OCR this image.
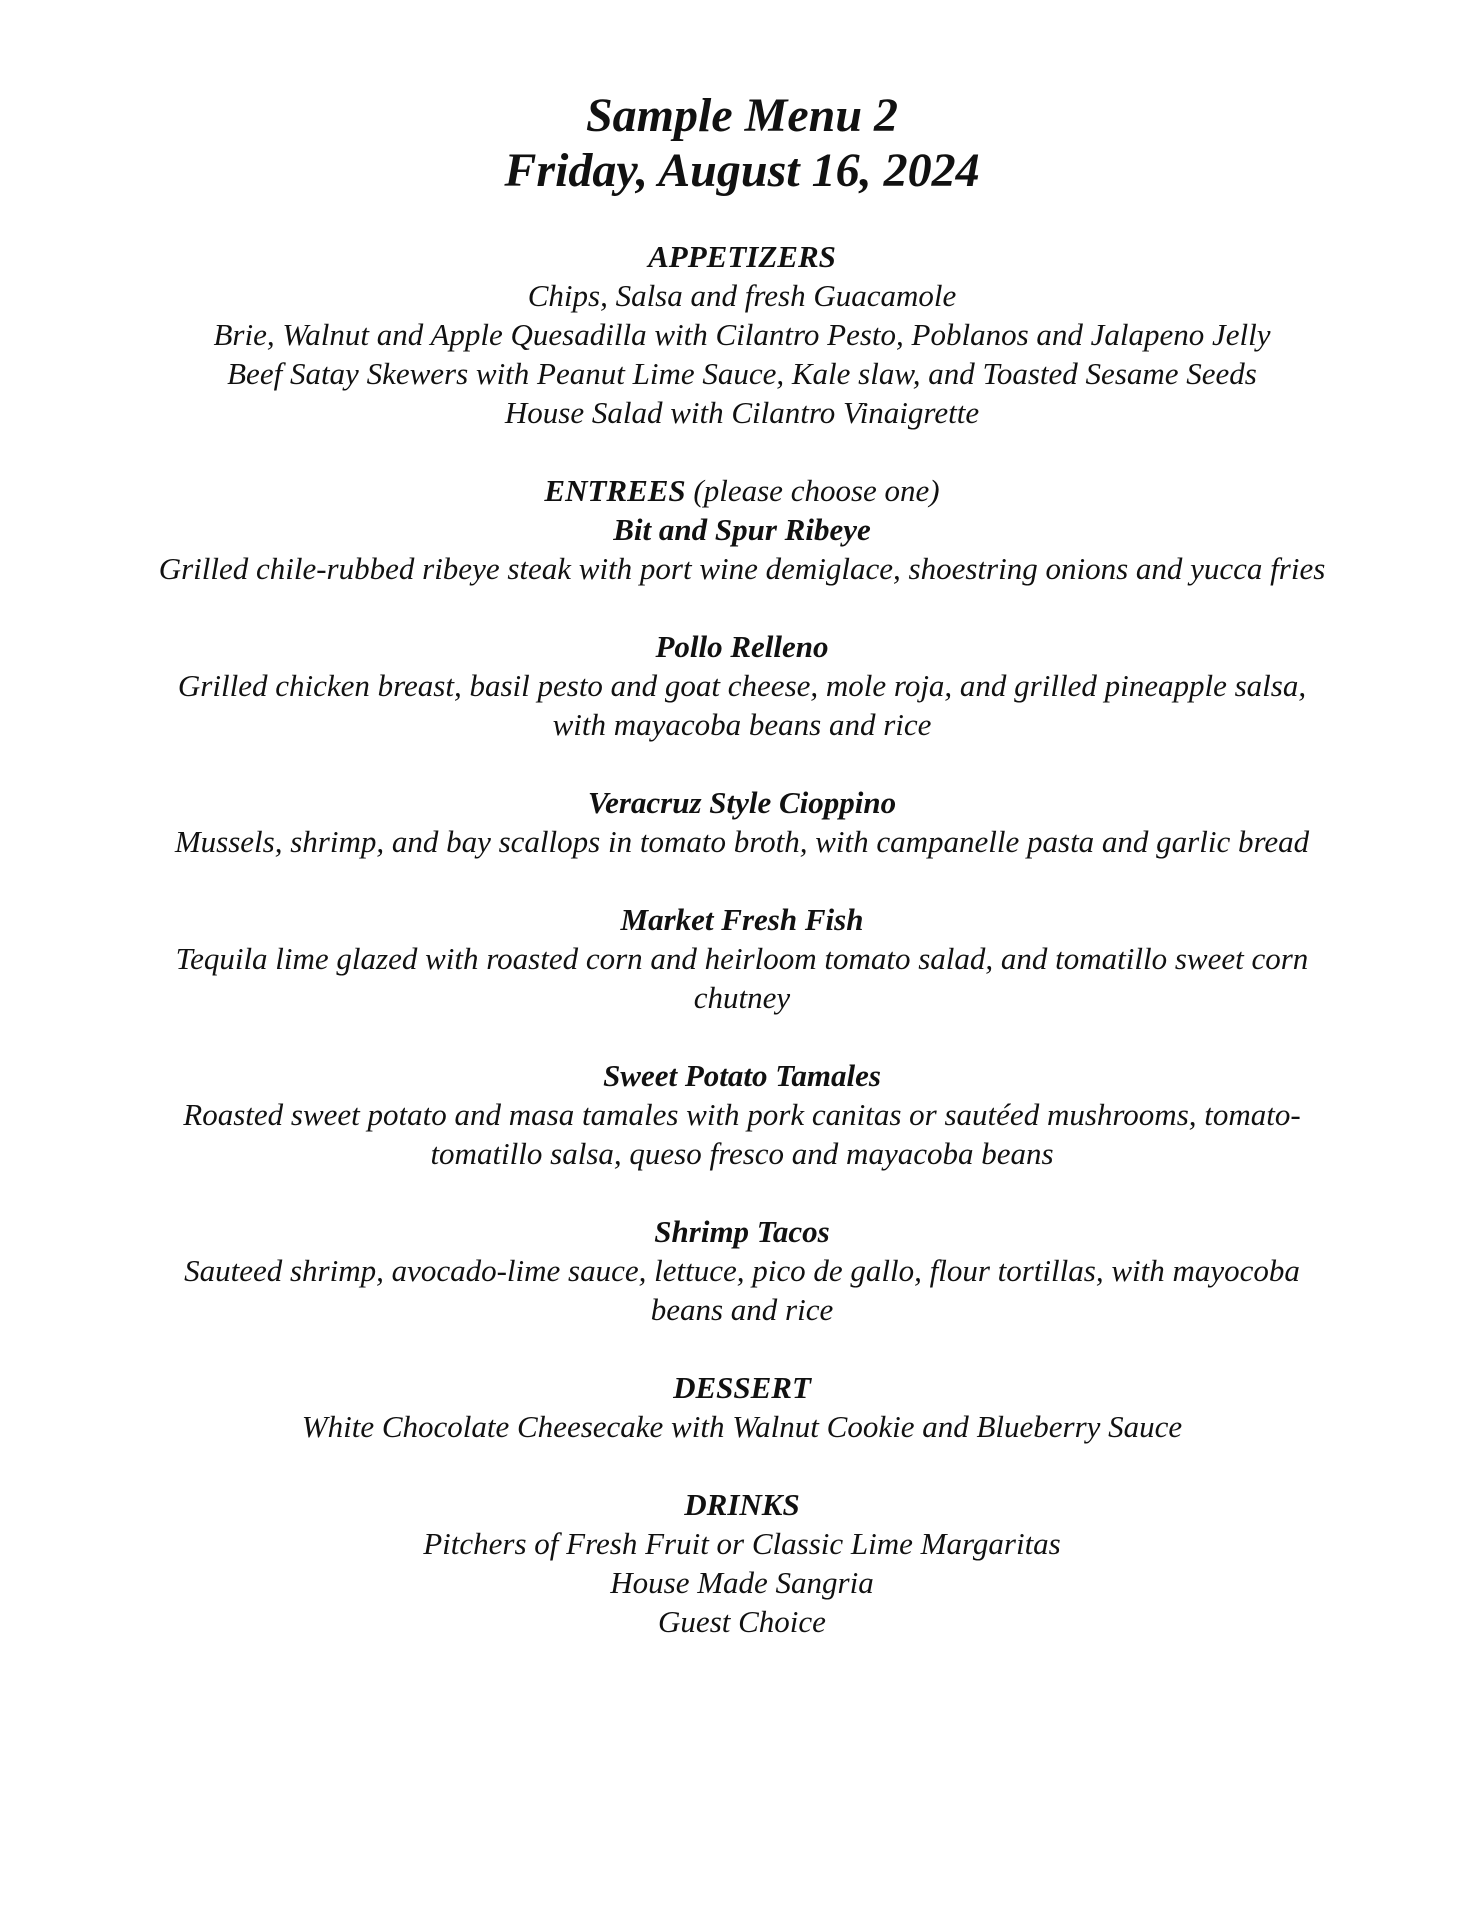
Sample Menu 2
Friday, August 16, 2024
APPETIZERS
Chips, Salsa and fresh Guacamole
Brie, Walnut and Apple Quesadilla with Cilantro Pesto, Poblanos and Jalapeno Jelly
Beef Satay Skewers with Peanut Lime Sauce, Kale slaw, and Toasted Sesame Seeds
House Salad with Cilantro Vinaigrette
ENTREES (please choose one)
Bit and Spur Ribeye
Grilled chile-rubbed ribeye steak with port wine demiglace, shoestring onions and yucca fries
Pollo Relleno
Grilled chicken breast, basil pesto and goat cheese, mole roja, and grilled pineapple salsa, with mayacoba beans and rice
Veracruz Style Cioppino
Mussels, shrimp, and bay scallops in tomato broth, with campanelle pasta and garlic bread
Market Fresh Fish
Tequila lime glazed with roasted corn and heirloom tomato salad, and tomatillo sweet corn chutney
Sweet Potato Tamales
Roasted sweet potato and masa tamales with pork canitas or sautéed mushrooms, tomato-tomatillo salsa, queso fresco and mayacoba beans
Shrimp Tacos
Sauteed shrimp, avocado-lime sauce, lettuce, pico de gallo, flour tortillas, with mayocoba beans and rice
DESSERT
White Chocolate Cheesecake with Walnut Cookie and Blueberry Sauce
DRINKS
Pitchers of Fresh Fruit or Classic Lime Margaritas
House Made Sangria
Guest Choice
